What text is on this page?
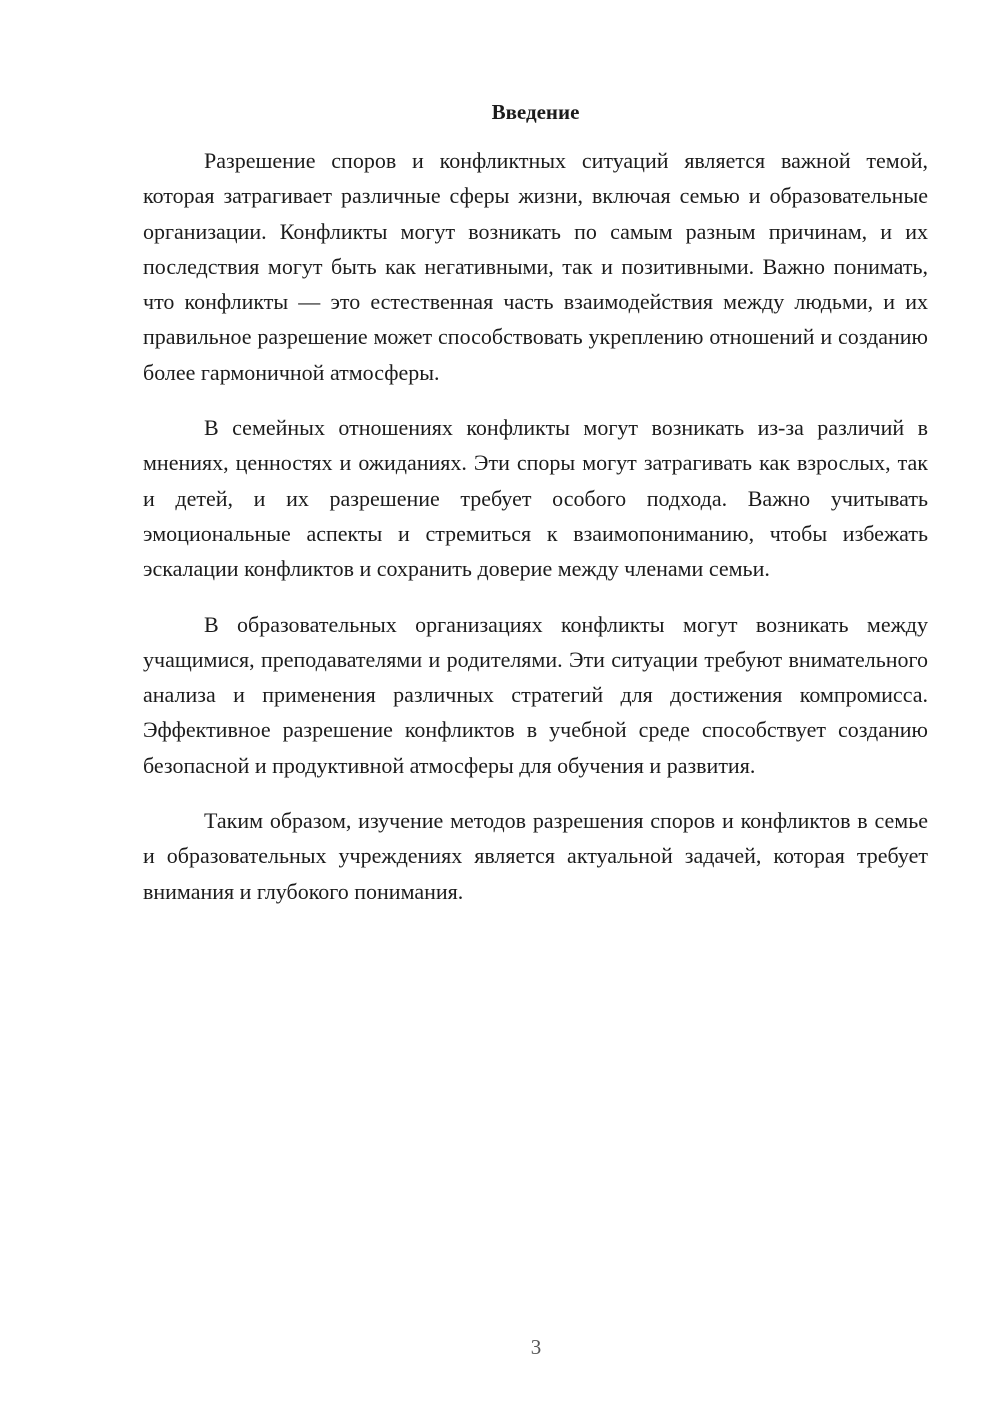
Введение

Разрешение споров и конфликтных ситуаций является важной темой, которая затрагивает различные сферы жизни, включая семью и образовательные организации. Конфликты могут возникать по самым разным причинам, и их последствия могут быть как негативными, так и позитивными. Важно понимать, что конфликты — это естественная часть взаимодействия между людьми, и их правильное разрешение может способствовать укреплению отношений и созданию более гармоничной атмосферы.

В семейных отношениях конфликты могут возникать из-за различий в мнениях, ценностях и ожиданиях. Эти споры могут затрагивать как взрослых, так и детей, и их разрешение требует особого подхода. Важно учитывать эмоциональные аспекты и стремиться к взаимопониманию, чтобы избежать эскалации конфликтов и сохранить доверие между членами семьи.

В образовательных организациях конфликты могут возникать между учащимися, преподавателями и родителями. Эти ситуации требуют внимательного анализа и применения различных стратегий для достижения компромисса. Эффективное разрешение конфликтов в учебной среде способствует созданию безопасной и продуктивной атмосферы для обучения и развития.

Таким образом, изучение методов разрешения споров и конфликтов в семье и образовательных учреждениях является актуальной задачей, которая требует внимания и глубокого понимания.

3
